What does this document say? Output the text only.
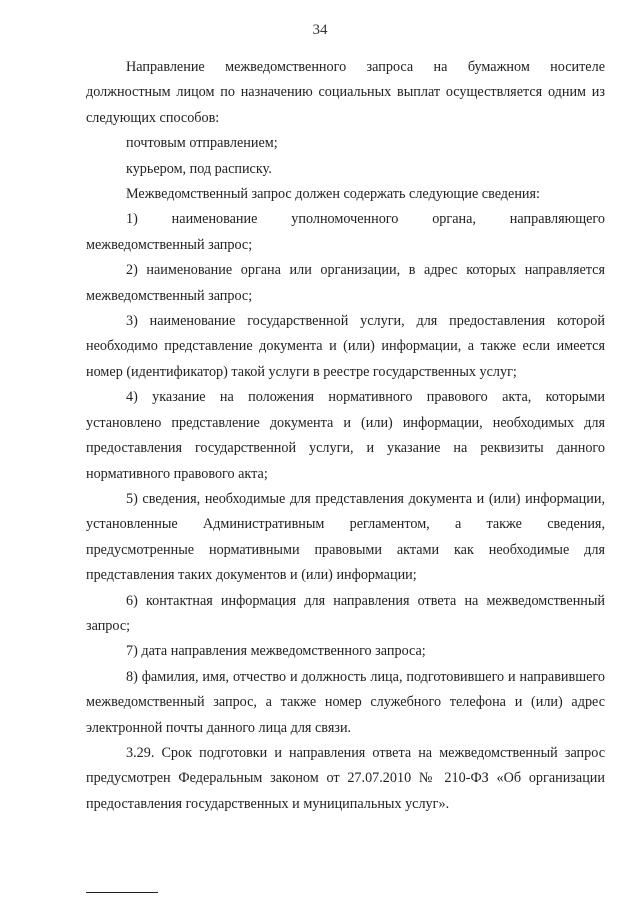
34

Направление межведомственного запроса на бумажном носителе должностным лицом по назначению социальных выплат осуществляется одним из следующих способов:

почтовым отправлением;

курьером, под расписку.

Межведомственный запрос должен содержать следующие сведения:

1) наименование уполномоченного органа, направляющего межведомственный запрос;

2) наименование органа или организации, в адрес которых направляется межведомственный запрос;

3) наименование государственной услуги, для предоставления которой необходимо представление документа и (или) информации, а также если имеется номер (идентификатор) такой услуги в реестре государственных услуг;

4) указание на положения нормативного правового акта, которыми установлено представление документа и (или) информации, необходимых для предоставления государственной услуги, и указание на реквизиты данного нормативного правового акта;

5) сведения, необходимые для представления документа и (или) информации, установленные Административным регламентом, а также сведения, предусмотренные нормативными правовыми актами как необходимые для представления таких документов и (или) информации;

6) контактная информация для направления ответа на межведомственный запрос;

7) дата направления межведомственного запроса;

8) фамилия, имя, отчество и должность лица, подготовившего и направившего межведомственный запрос, а также номер служебного телефона и (или) адрес электронной почты данного лица для связи.

3.29. Срок подготовки и направления ответа на межведомственный запрос предусмотрен Федеральным законом от 27.07.2010 № 210-ФЗ «Об организации предоставления государственных и муниципальных услуг».
